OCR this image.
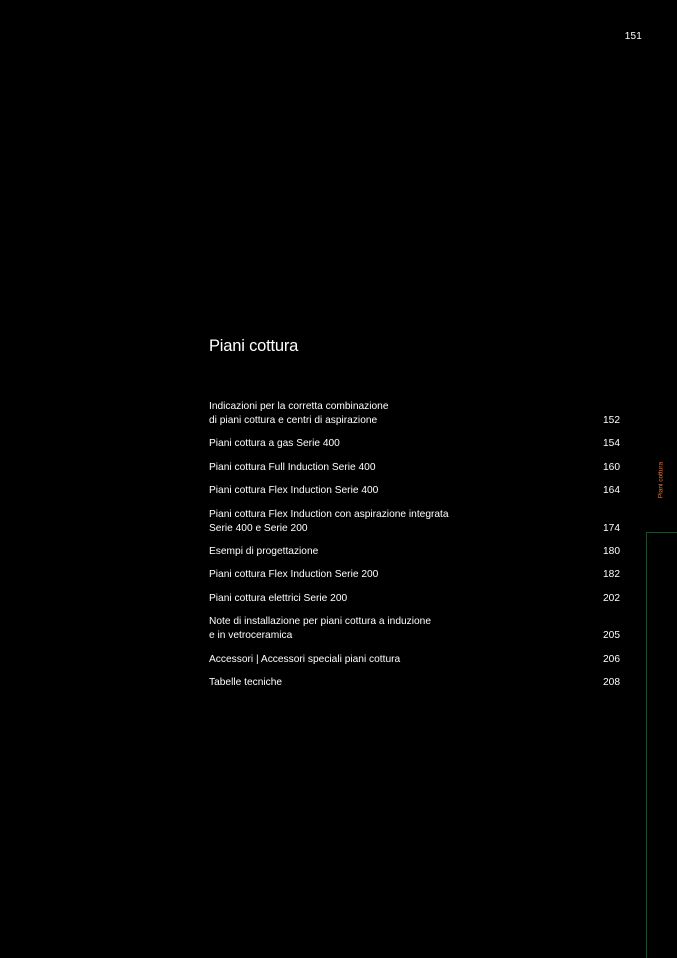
151
Piani cottura
Indicazioni per la corretta combinazione
di piani cottura e centri di aspirazione	152
Piani cottura a gas Serie 400	154
Piani cottura Full Induction Serie 400	160
Piani cottura Flex Induction Serie 400	164
Piani cottura Flex Induction con aspirazione integrata
Serie 400 e Serie 200	174
Esempi di progettazione	180
Piani cottura Flex Induction Serie 200	182
Piani cottura elettrici Serie 200	202
Note di installazione per piani cottura a induzione
e in vetroceramica	205
Accessori | Accessori speciali piani cottura	206
Tabelle tecniche	208
Piani cottura
